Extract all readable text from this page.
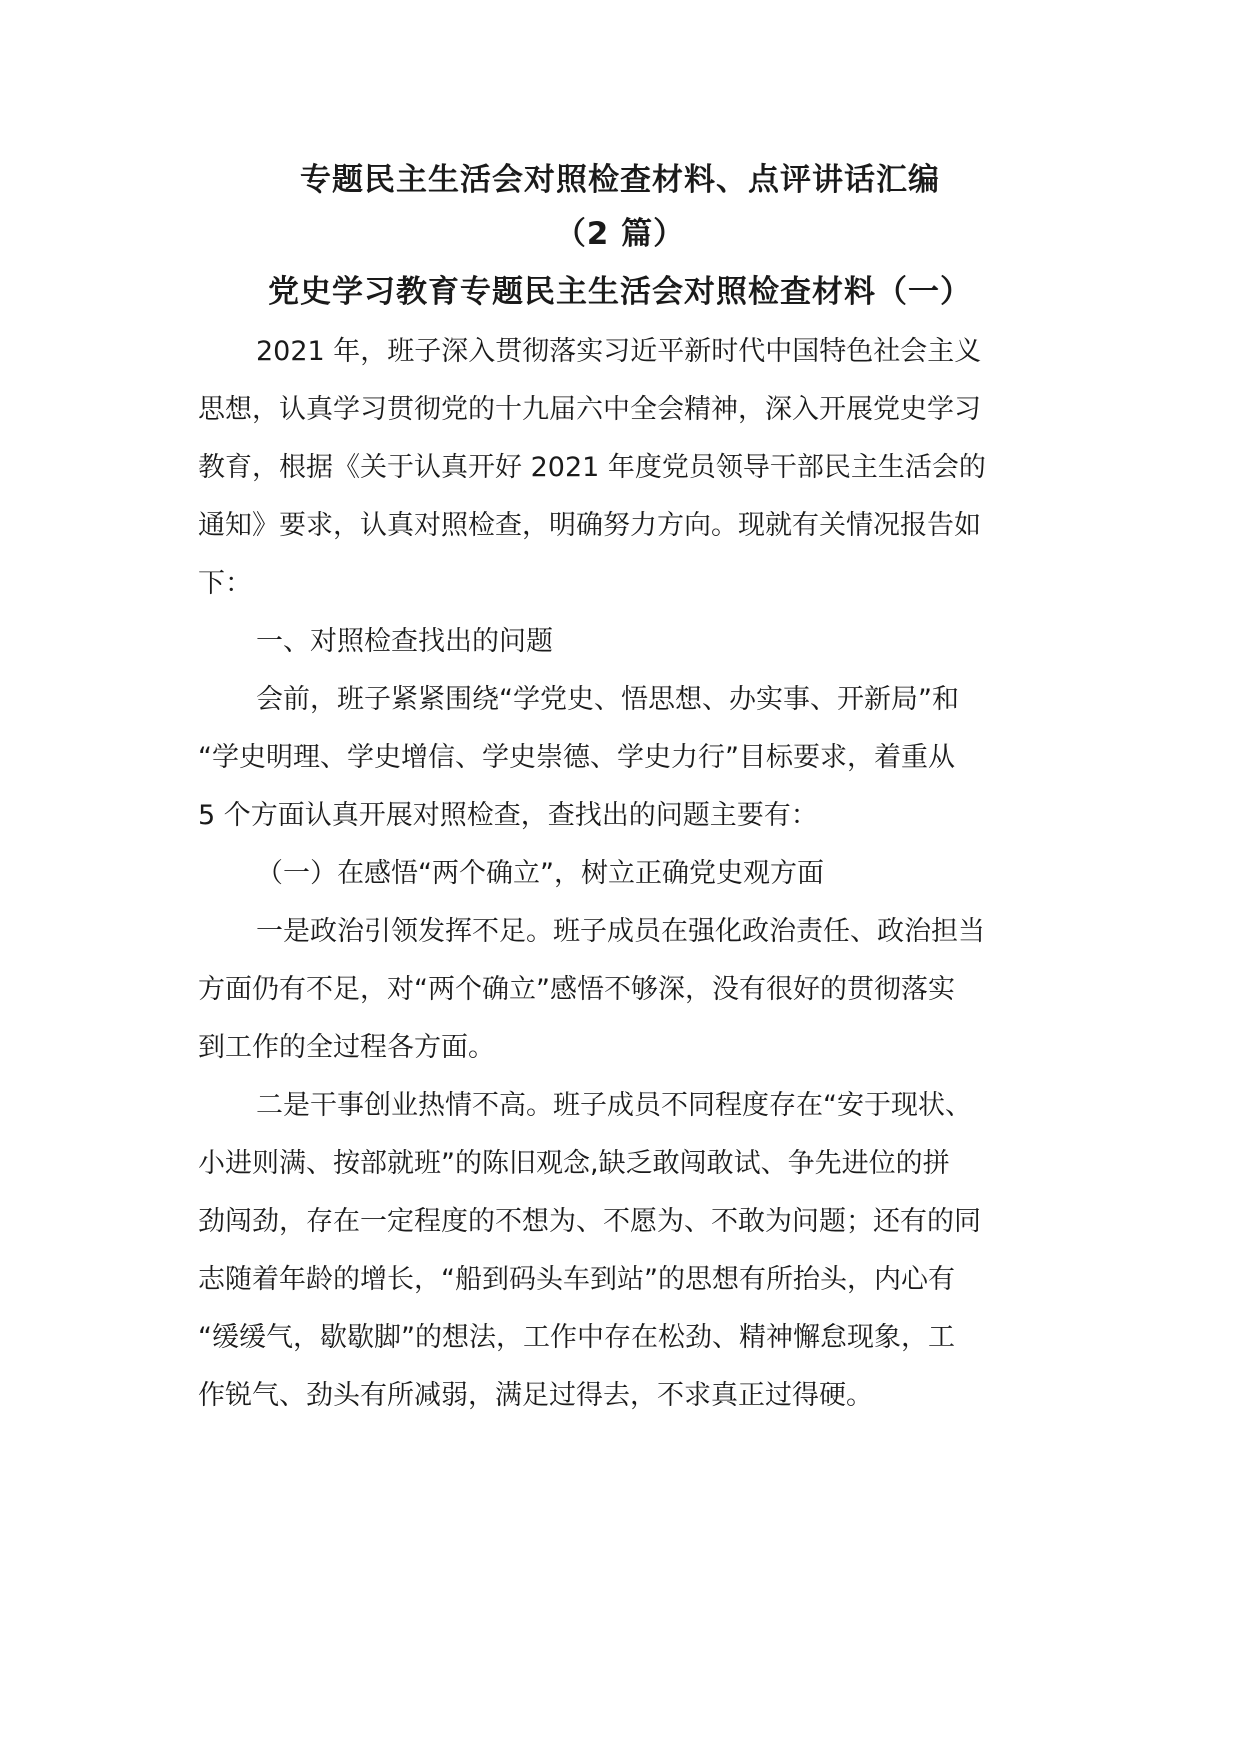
专题民主生活会对照检查材料、点评讲话汇编
（2 篇）
党史学习教育专题民主生活会对照检查材料（一）
2021 年，班子深入贯彻落实习近平新时代中国特色社会主义
思想，认真学习贯彻党的十九届六中全会精神，深入开展党史学习
教育，根据《关于认真开好 2021 年度党员领导干部民主生活会的
通知》要求，认真对照检查，明确努力方向。现就有关情况报告如
下：
一、对照检查找出的问题
会前，班子紧紧围绕“学党史、悟思想、办实事、开新局”和
“学史明理、学史增信、学史崇德、学史力行”目标要求，着重从
5 个方面认真开展对照检查，查找出的问题主要有：
（一）在感悟“两个确立”，树立正确党史观方面
一是政治引领发挥不足。班子成员在强化政治责任、政治担当
方面仍有不足，对“两个确立”感悟不够深，没有很好的贯彻落实
到工作的全过程各方面。
二是干事创业热情不高。班子成员不同程度存在“安于现状、
小进则满、按部就班”的陈旧观念,缺乏敢闯敢试、争先进位的拼
劲闯劲，存在一定程度的不想为、不愿为、不敢为问题；还有的同
志随着年龄的增长，“船到码头车到站”的思想有所抬头，内心有
“缓缓气，歇歇脚”的想法，工作中存在松劲、精神懈怠现象，工
作锐气、劲头有所减弱，满足过得去，不求真正过得硬。
